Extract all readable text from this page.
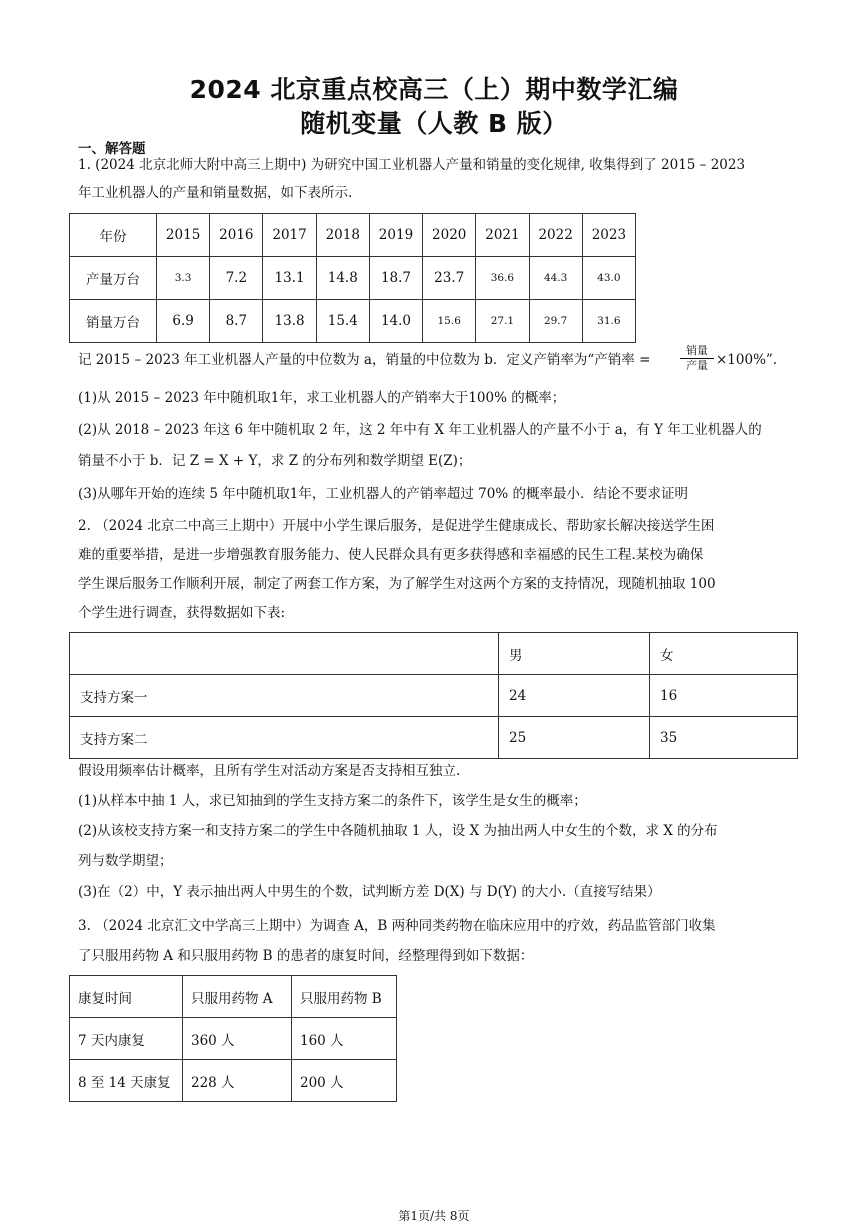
2024 北京重点校高三（上）期中数学汇编
随机变量（人教 B 版）
一、解答题
1. (2024 北京北师大附中高三上期中) 为研究中国工业机器人产量和销量的变化规律, 收集得到了 2015 – 2023
年工业机器人的产量和销量数据，如下表所示.
年份	2015	2016	2017	2018	2019	2020	2021	2022	2023
产量万台	3.3	7.2	13.1	14.8	18.7	23.7	36.6	44.3	43.0
销量万台	6.9	8.7	13.8	15.4	14.0	15.6	27.1	29.7	31.6
记 2015 – 2023 年工业机器人产量的中位数为 a，销量的中位数为 b．定义产销率为“产销率 =
销量
产量 ×100%”.
(1)从 2015 – 2023 年中随机取1年，求工业机器人的产销率大于100% 的概率；
(2)从 2018 – 2023 年这 6 年中随机取 2 年，这 2 年中有 X 年工业机器人的产量不小于 a，有 Y 年工业机器人的
销量不小于 b．记 Z = X + Y，求 Z 的分布列和数学期望 E(Z)；
(3)从哪年开始的连续 5 年中随机取1年，工业机器人的产销率超过 70% 的概率最小．结论不要求证明
2. （2024 北京二中高三上期中）开展中小学生课后服务，是促进学生健康成长、帮助家长解决接送学生困
难的重要举措，是进一步增强教育服务能力、使人民群众具有更多获得感和幸福感的民生工程.某校为确保
学生课后服务工作顺利开展，制定了两套工作方案，为了解学生对这两个方案的支持情况，现随机抽取 100
个学生进行调查，获得数据如下表:
	男	女
支持方案一	24	16
支持方案二	25	35
假设用频率估计概率，且所有学生对活动方案是否支持相互独立.
(1)从样本中抽 1 人，求已知抽到的学生支持方案二的条件下，该学生是女生的概率；
(2)从该校支持方案一和支持方案二的学生中各随机抽取 1 人，设 X 为抽出两人中女生的个数，求 X 的分布
列与数学期望；
(3)在（2）中，Y 表示抽出两人中男生的个数，试判断方差 D(X) 与 D(Y) 的大小.（直接写结果）
3. （2024 北京汇文中学高三上期中）为调查 A，B 两种同类药物在临床应用中的疗效，药品监管部门收集
了只服用药物 A 和只服用药物 B 的患者的康复时间，经整理得到如下数据：
康复时间	只服用药物 A	只服用药物 B
7 天内康复	360 人	160 人
8 至 14 天康复	228 人	200 人
第1页/共 8页
